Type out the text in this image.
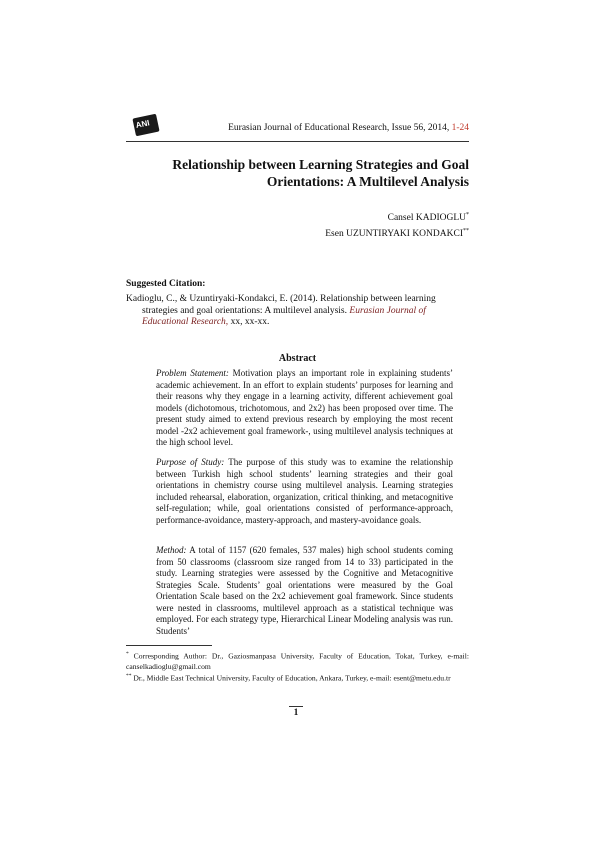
ANI	Eurasian Journal of Educational Research, Issue 56, 2014, 1-24
Relationship between Learning Strategies and Goal
Orientations: A Multilevel Analysis
Cansel KADIOGLU*
Esen UZUNTIRYAKI KONDAKCI**
Suggested Citation:
Kadioglu, C., & Uzuntiryaki-Kondakci, E. (2014). Relationship between learning
strategies and goal orientations: A multilevel analysis. Eurasian Journal of
Educational Research, xx, xx-xx.
Abstract
Problem Statement: Motivation plays an important role in explaining students’ academic achievement. In an effort to explain students’ purposes for learning and their reasons why they engage in a learning activity, different achievement goal models (dichotomous, trichotomous, and 2x2) has been proposed over time. The present study aimed to extend previous research by employing the most recent model -2x2 achievement goal framework-, using multilevel analysis techniques at the high school level.
Purpose of Study: The purpose of this study was to examine the relationship between Turkish high school students’ learning strategies and their goal orientations in chemistry course using multilevel analysis. Learning strategies included rehearsal, elaboration, organization, critical thinking, and metacognitive self-regulation; while, goal orientations consisted of performance-approach, performance-avoidance, mastery-approach, and mastery-avoidance goals.
Method: A total of 1157 (620 females, 537 males) high school students coming from 50 classrooms (classroom size ranged from 14 to 33) participated in the study. Learning strategies were assessed by the Cognitive and Metacognitive Strategies Scale. Students’ goal orientations were measured by the Goal Orientation Scale based on the 2x2 achievement goal framework. Since students were nested in classrooms, multilevel approach as a statistical technique was employed. For each strategy type, Hierarchical Linear Modeling analysis was run. Students’
* Corresponding Author: Dr., Gaziosmanpasa University, Faculty of Education, Tokat, Turkey, e-mail: canselkadioglu@gmail.com
** Dr., Middle East Technical University, Faculty of Education, Ankara, Turkey, e-mail: esent@metu.edu.tr
1
